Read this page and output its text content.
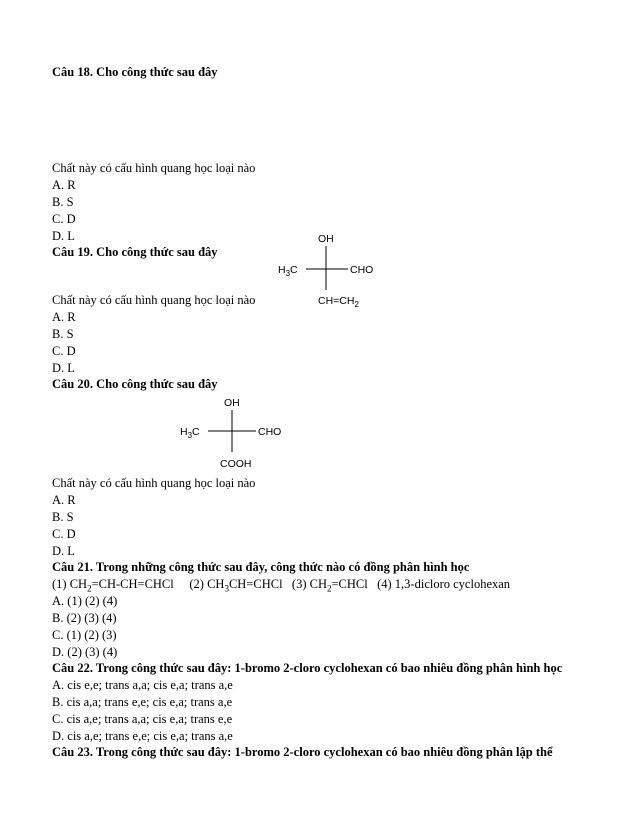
Câu 18. Cho công thức sau đây
Chất này có cấu hình quang học loại nào
A. R
B. S
C. D
D. L
Câu 19. Cho công thức sau đây
OH
$H_3C$	CHO
$CH=CH_2$
Chất này có cấu hình quang học loại nào
A. R
B. S
C. D
D. L
Câu 20. Cho công thức sau đây
OH
$H_3C$	CHO
COOH
Chất này có cấu hình quang học loại nào
A. R
B. S
C. D
D. L
Câu 21. Trong những công thức sau đây, công thức nào có đồng phân hình học
(1) $CH_2=CH-CH=CHCl$ (2) $CH_3CH=CHCl$ (3) $CH_2=CHCl$ (4) 1,3-dicloro cyclohexan
A. (1) (2) (4)
B. (2) (3) (4)
C. (1) (2) (3)
D. (2) (3) (4)
Câu 22. Trong công thức sau đây: 1-bromo 2-cloro cyclohexan có bao nhiêu đồng phân hình học
A. cis e,e; trans a,a; cis e,a; trans a,e
B. cis a,a; trans e,e; cis e,a; trans a,e
C. cis a,e; trans a,a; cis e,a; trans e,e
D. cis a,e; trans e,e; cis e,a; trans a,e
Câu 23. Trong công thức sau đây: 1-bromo 2-cloro cyclohexan có bao nhiêu đồng phân lập thể
